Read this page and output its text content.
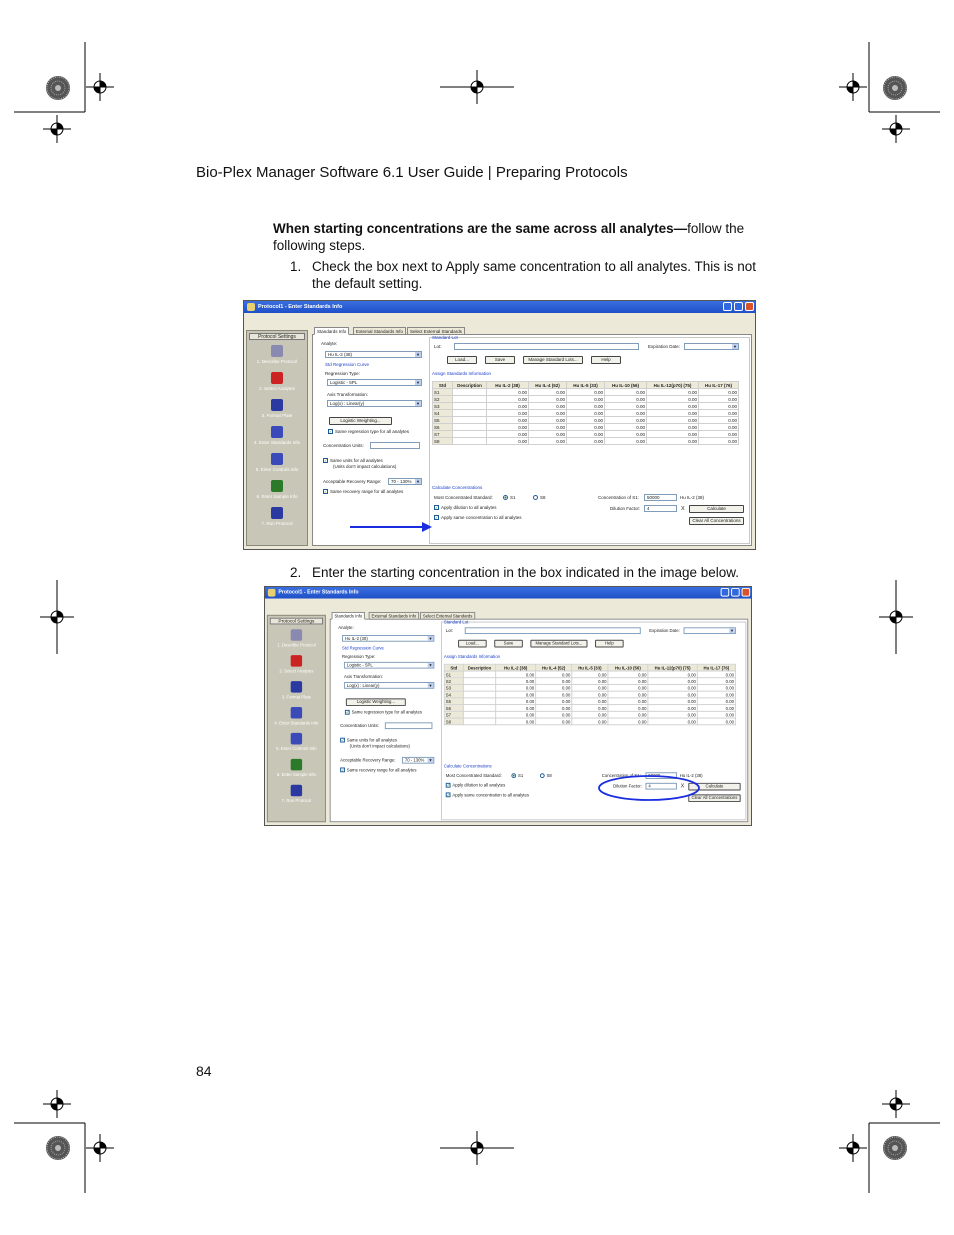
Bio-Plex Manager Software 6.1 User Guide | Preparing Protocols
When starting concentrations are the same across all analytes—follow the following steps.
1. Check the box next to Apply same concentration to all analytes. This is not the default setting.
2. Enter the starting concentration in the box indicated in the image below.
84
Protocol1 - Enter Standards Info
Protocol Settings
1. Describe Protocol
2. Select Analytes
3. Format Plate
4. Enter Standards Info
5. Enter Controls Info
6. Enter Sample Info
7. Run Protocol
Standards Info	External Standards Info	Select External Standards
Analyte:
Hu IL-2 (38)	▼
Std Regression Curve
Regression Type:
Logistic - 5PL	▼
Axis Transformation:
Log(x) : Linear(y)	▼
Logistic Weighting...
✓ Same regression type for all analytes
Concentration Units:
✓ Same units for all analytes
(Units don't impact calculations)
Acceptable Recovery Range:	70 - 130% ▼
✓ Same recovery range for all analytes
Standard Lot
Lot:	Expiration Date:	▼
Load...	Save	Manage Standard Lots...	Help
Assign Standards Information
Std	Description	Hu IL-2 (38)	Hu IL-4 (52)	Hu IL-5 (33)	Hu IL-10 (56)	Hu IL-12(p70) (75)	Hu IL-17 (76)
S1		0.00	0.00	0.00	0.00	0.00	0.00
S2		0.00	0.00	0.00	0.00	0.00	0.00
S3		0.00	0.00	0.00	0.00	0.00	0.00
S4		0.00	0.00	0.00	0.00	0.00	0.00
S5		0.00	0.00	0.00	0.00	0.00	0.00
S6		0.00	0.00	0.00	0.00	0.00	0.00
S7		0.00	0.00	0.00	0.00	0.00	0.00
S8		0.00	0.00	0.00	0.00	0.00	0.00
Calculate Concentrations
Most Concentrated Standard:	S1	S8
✓ Apply dilution to all analytes
✓ Apply same concentration to all analytes
Concentration of S1:	50000	Hu IL-2 (38)
Dilution Factor:	4	X	Calculate
Clear All Concentrations
Protocol1 - Enter Standards Info
Protocol Settings
1. Describe Protocol
2. Select Analytes
3. Format Plate
4. Enter Standards Info
5. Enter Controls Info
6. Enter Sample Info
7. Run Protocol
Standards Info	External Standards Info	Select External Standards
Analyte:
Hu IL-2 (38)	▼
Std Regression Curve
Regression Type:
Logistic - 5PL	▼
Axis Transformation:
Log(x) : Linear(y)	▼
Logistic Weighting...
✓ Same regression type for all analytes
Concentration Units:
✓ Same units for all analytes
(Units don't impact calculations)
Acceptable Recovery Range:	70 - 130% ▼
✓ Same recovery range for all analytes
Standard Lot
Lot:	Expiration Date:	▼
Load...	Save	Manage Standard Lots...	Help
Assign Standards Information
Std	Description	Hu IL-2 (38)	Hu IL-4 (52)	Hu IL-5 (33)	Hu IL-10 (56)	Hu IL-12(p70) (75)	Hu IL-17 (76)
S1		0.00	0.00	0.00	0.00	0.00	0.00
S2		0.00	0.00	0.00	0.00	0.00	0.00
S3		0.00	0.00	0.00	0.00	0.00	0.00
S4		0.00	0.00	0.00	0.00	0.00	0.00
S5		0.00	0.00	0.00	0.00	0.00	0.00
S6		0.00	0.00	0.00	0.00	0.00	0.00
S7		0.00	0.00	0.00	0.00	0.00	0.00
S8		0.00	0.00	0.00	0.00	0.00	0.00
Calculate Concentrations
Most Concentrated Standard:	S1	S8
✓ Apply dilution to all analytes
✓ Apply same concentration to all analytes
Concentration of S1:	50000	Hu IL-2 (38)
Dilution Factor:	4	X	Calculate
Clear All Concentrations
